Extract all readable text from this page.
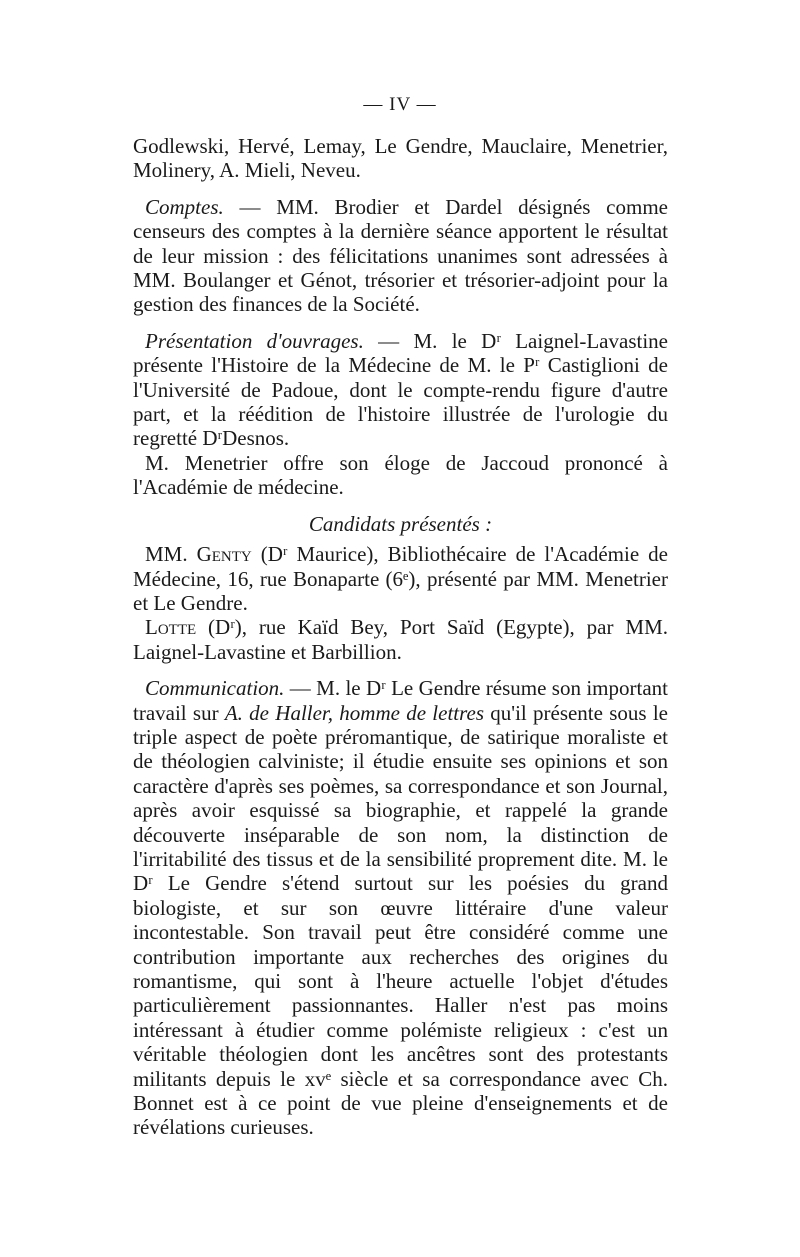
— IV —

Godlewski, Hervé, Lemay, Le Gendre, Mauclaire, Menetrier, Molinery, A. Mieli, Neveu.

Comptes. — MM. Brodier et Dardel désignés comme censeurs des comptes à la dernière séance apportent le résultat de leur mission : des félicitations unanimes sont adressées à MM. Boulanger et Génot, trésorier et trésorier-adjoint pour la gestion des finances de la Société.

Présentation d'ouvrages. — M. le Dʳ Laignel-Lavastine présente l'Histoire de la Médecine de M. le Pʳ Castiglioni de l'Université de Padoue, dont le compte-rendu figure d'autre part, et la réédition de l'histoire illustrée de l'urologie du regretté DʳDesnos.

M. Menetrier offre son éloge de Jaccoud prononcé à l'Académie de médecine.

Candidats présentés :

MM. Genty (Dʳ Maurice), Bibliothécaire de l'Académie de Médecine, 16, rue Bonaparte (6ᵉ), présenté par MM. Menetrier et Le Gendre.

Lotte (Dʳ), rue Kaïd Bey, Port Saïd (Egypte), par MM. Laignel-Lavastine et Barbillion.

Communication. — M. le Dʳ Le Gendre résume son important travail sur A. de Haller, homme de lettres qu'il présente sous le triple aspect de poète préromantique, de satirique moraliste et de théologien calviniste; il étudie ensuite ses opinions et son caractère d'après ses poèmes, sa correspondance et son Journal, après avoir esquissé sa biographie, et rappelé la grande découverte inséparable de son nom, la distinction de l'irritabilité des tissus et de la sensibilité proprement dite. M. le Dʳ Le Gendre s'étend surtout sur les poésies du grand biologiste, et sur son œuvre littéraire d'une valeur incontestable. Son travail peut être considéré comme une contribution importante aux recherches des origines du romantisme, qui sont à l'heure actuelle l'objet d'études particulièrement passionnantes. Haller n'est pas moins intéressant à étudier comme polémiste religieux : c'est un véritable théologien dont les ancêtres sont des protestants militants depuis le xvᵉ siècle et sa correspondance avec Ch. Bonnet est à ce point de vue pleine d'enseignements et de révélations curieuses.
